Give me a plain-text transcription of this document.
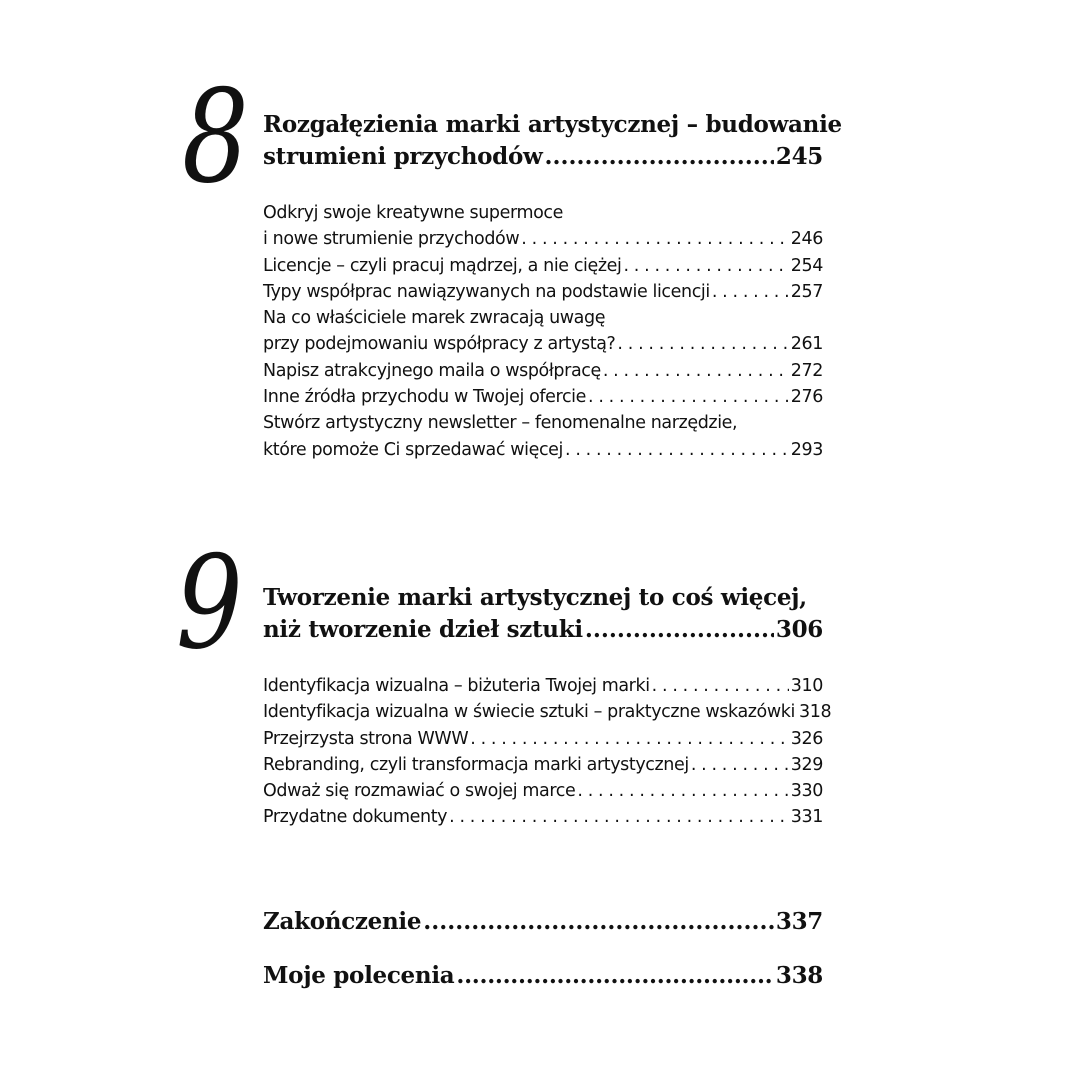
8 Rozgałęzienia marki artystycznej – budowanie
strumieni przychodów .....	245
Odkryj swoje kreatywne supermoce
i nowe strumienie przychodów . . .	246
Licencje – czyli pracuj mądrzej, a nie ciężej . . .	254
Typy współprac nawiązywanych na podstawie licencji . . .	257
Na co właściciele marek zwracają uwagę
przy podejmowaniu współpracy z artystą? . . .	261
Napisz atrakcyjnego maila o współpracę . . .	272
Inne źródła przychodu w Twojej ofercie . . .	276
Stwórz artystyczny newsletter – fenomenalne narzędzie,
które pomoże Ci sprzedawać więcej . . .	293
9 Tworzenie marki artystycznej to coś więcej,
niż tworzenie dzieł sztuki .....	306
Identyfikacja wizualna – biżuteria Twojej marki . . .	310
Identyfikacja wizualna w świecie sztuki – praktyczne wskazówki 318
Przejrzysta strona WWW . . .	326
Rebranding, czyli transformacja marki artystycznej . . .	329
Odważ się rozmawiać o swojej marce . . .	330
Przydatne dokumenty . . .	331
Zakończenie .....	337
Moje polecenia .....	338
